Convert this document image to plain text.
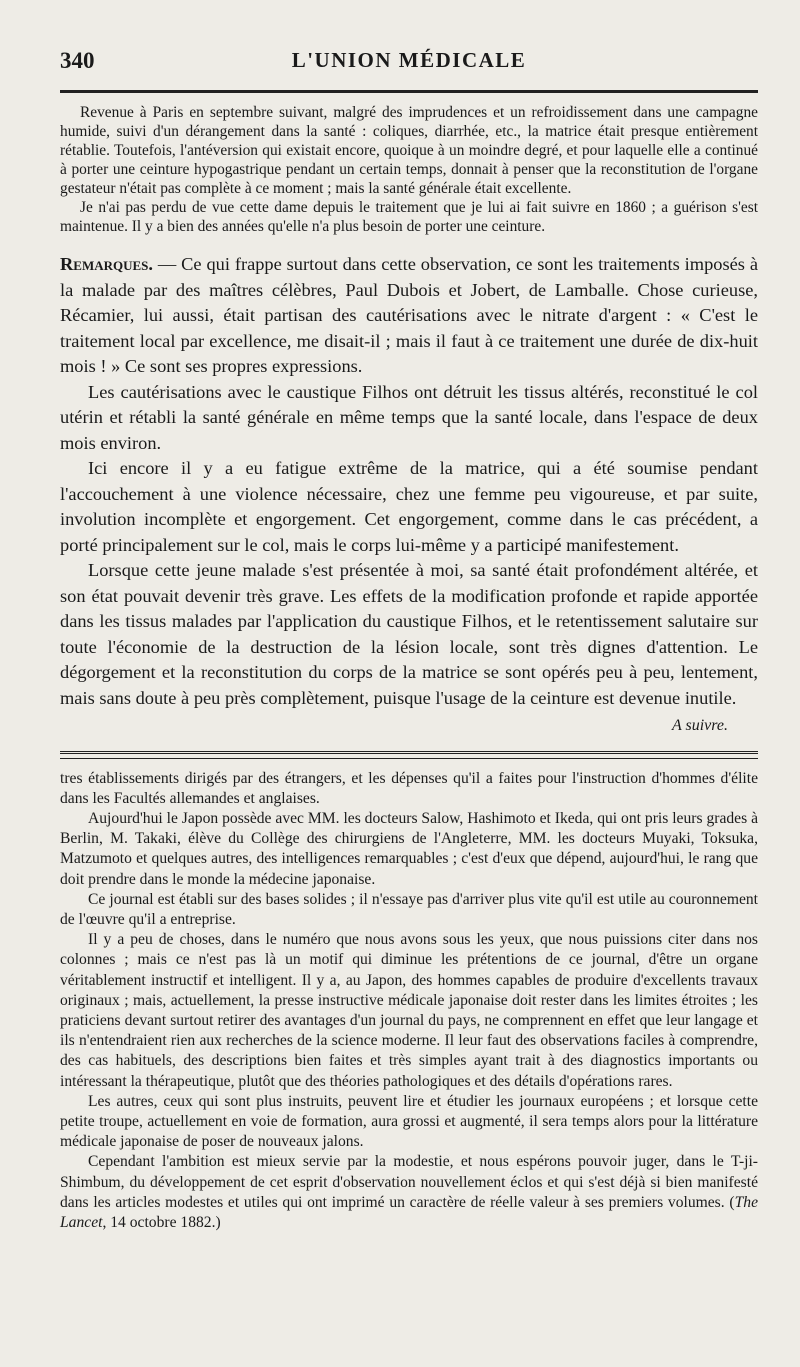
340	L'UNION MÉDICALE

Revenue à Paris en septembre suivant, malgré des imprudences et un refroidissement dans une campagne humide, suivi d'un dérangement dans la santé : coliques, diarrhée, etc., la matrice était presque entièrement rétablie. Toutefois, l'antéversion qui existait encore, quoique à un moindre degré, et pour laquelle elle a continué à porter une ceinture hypogastrique pendant un certain temps, donnait à penser que la reconstitution de l'organe gestateur n'était pas complète à ce moment ; mais la santé générale était excellente.

Je n'ai pas perdu de vue cette dame depuis le traitement que je lui ai fait suivre en 1860 ; a guérison s'est maintenue. Il y a bien des années qu'elle n'a plus besoin de porter une ceinture.

Remarques. — Ce qui frappe surtout dans cette observation, ce sont les traitements imposés à la malade par des maîtres célèbres, Paul Dubois et Jobert, de Lamballe. Chose curieuse, Récamier, lui aussi, était partisan des cautérisations avec le nitrate d'argent : « C'est le traitement local par excellence, me disait-il ; mais il faut à ce traitement une durée de dix-huit mois ! » Ce sont ses propres expressions.

Les cautérisations avec le caustique Filhos ont détruit les tissus altérés, reconstitué le col utérin et rétabli la santé générale en même temps que la santé locale, dans l'espace de deux mois environ.

Ici encore il y a eu fatigue extrême de la matrice, qui a été soumise pendant l'accouchement à une violence nécessaire, chez une femme peu vigoureuse, et par suite, involution incomplète et engorgement. Cet engorgement, comme dans le cas précédent, a porté principalement sur le col, mais le corps lui-même y a participé manifestement.

Lorsque cette jeune malade s'est présentée à moi, sa santé était profondément altérée, et son état pouvait devenir très grave. Les effets de la modification profonde et rapide apportée dans les tissus malades par l'application du caustique Filhos, et le retentissement salutaire sur toute l'économie de la destruction de la lésion locale, sont très dignes d'attention. Le dégorgement et la reconstitution du corps de la matrice se sont opérés peu à peu, lentement, mais sans doute à peu près complètement, puisque l'usage de la ceinture est devenue inutile.

A suivre.

tres établissements dirigés par des étrangers, et les dépenses qu'il a faites pour l'instruction d'hommes d'élite dans les Facultés allemandes et anglaises.

Aujourd'hui le Japon possède avec MM. les docteurs Salow, Hashimoto et Ikeda, qui ont pris leurs grades à Berlin, M. Takaki, élève du Collège des chirurgiens de l'Angleterre, MM. les docteurs Muyaki, Toksuka, Matzumoto et quelques autres, des intelligences remarquables ; c'est d'eux que dépend, aujourd'hui, le rang que doit prendre dans le monde la médecine japonaise.

Ce journal est établi sur des bases solides ; il n'essaye pas d'arriver plus vite qu'il est utile au couronnement de l'œuvre qu'il a entreprise.

Il y a peu de choses, dans le numéro que nous avons sous les yeux, que nous puissions citer dans nos colonnes ; mais ce n'est pas là un motif qui diminue les prétentions de ce journal, d'être un organe véritablement instructif et intelligent. Il y a, au Japon, des hommes capables de produire d'excellents travaux originaux ; mais, actuellement, la presse instructive médicale japonaise doit rester dans les limites étroites ; les praticiens devant surtout retirer des avantages d'un journal du pays, ne comprennent en effet que leur langage et ils n'entendraient rien aux recherches de la science moderne. Il leur faut des observations faciles à comprendre, des cas habituels, des descriptions bien faites et très simples ayant trait à des diagnostics importants ou intéressant la thérapeutique, plutôt que des théories pathologiques et des détails d'opérations rares.

Les autres, ceux qui sont plus instruits, peuvent lire et étudier les journaux européens ; et lorsque cette petite troupe, actuellement en voie de formation, aura grossi et augmenté, il sera temps alors pour la littérature médicale japonaise de poser de nouveaux jalons.

Cependant l'ambition est mieux servie par la modestie, et nous espérons pouvoir juger, dans le T-ji-Shimbum, du développement de cet esprit d'observation nouvellement éclos et qui s'est déjà si bien manifesté dans les articles modestes et utiles qui ont imprimé un caractère de réelle valeur à ses premiers volumes. (The Lancet, 14 octobre 1882.)
